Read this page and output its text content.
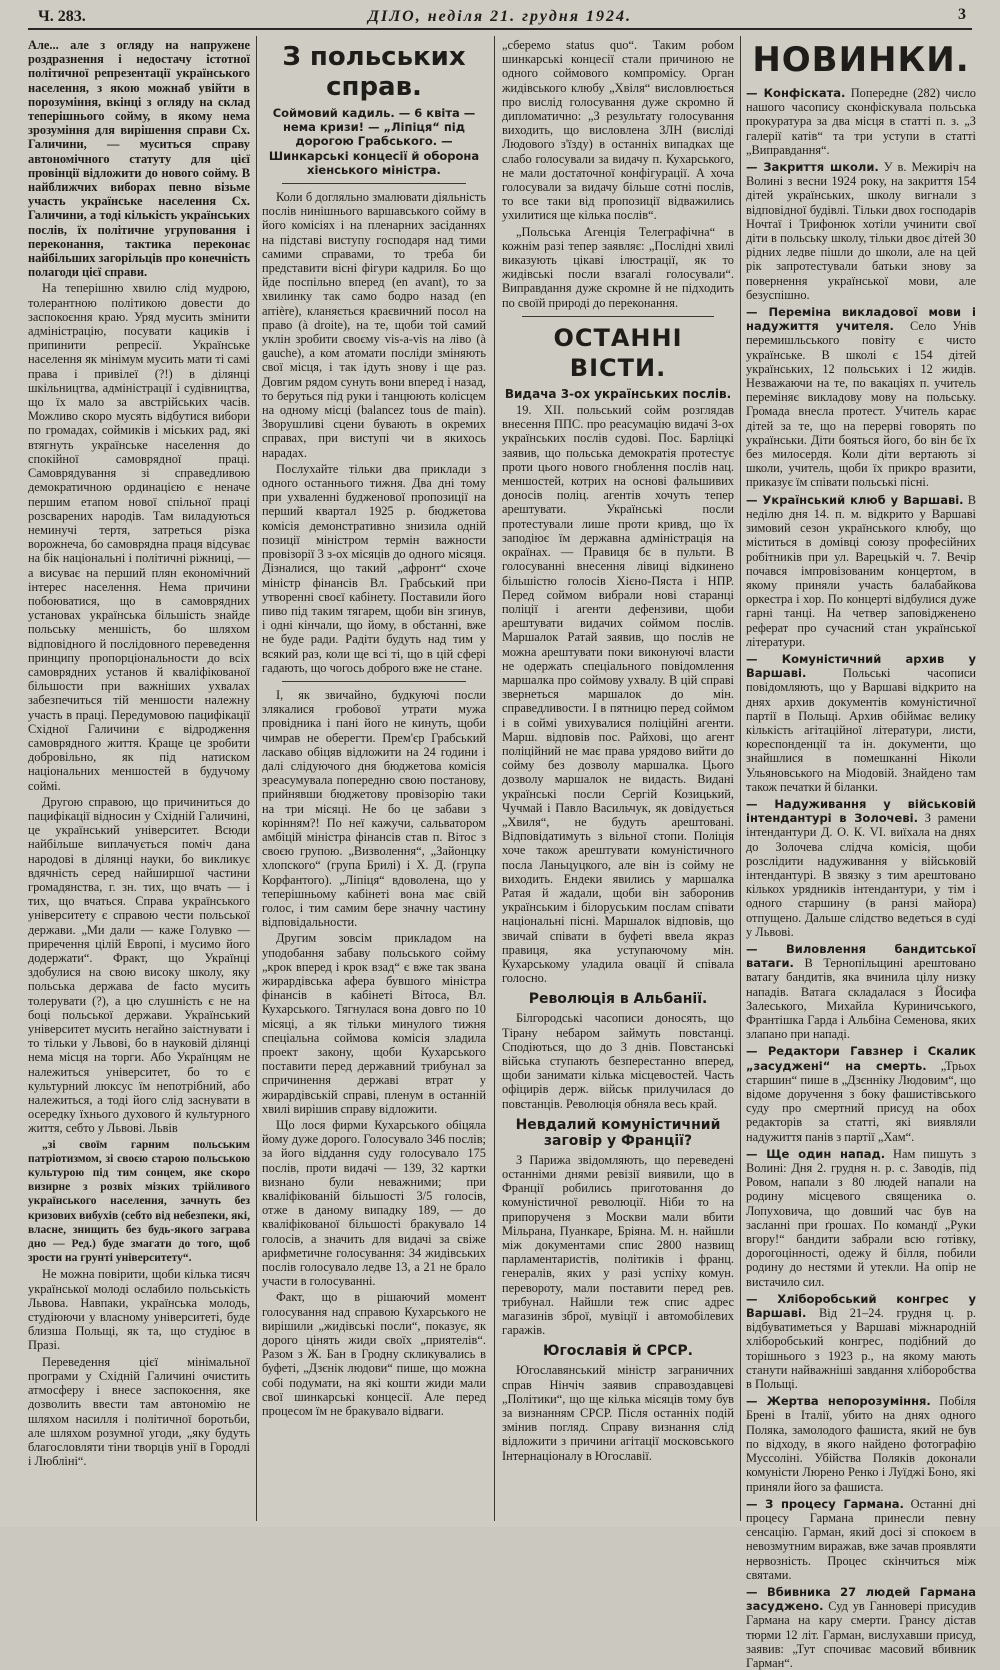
Ч. 283.	ДІЛО, неділя 21. грудня 1924.	3

Але... але з огляду на напружене роздразнення і недостачу істотної політичної репрезентації українського населення, з якою можнаб увійти в порозуміння, вкінці з огляду на склад теперішнього сойму, в якому нема зрозуміння для вирішення справи Сх. Галичини, — муситься справу автономічного статуту для цієї провінції відложити до нового сойму. В найближчих виборах певно візьме участь українське населення Сх. Галичини, а тоді кількість українських послів, їх політичне угруповання і переконання, тактика переконає найбільших загорільців про конечність полагоди цієї справи.

На теперішню хвилю слід мудрою, толерантною політикою довести до заспокоєння краю. Уряд мусить змінити адміністрацію, посувати кациків і припинити репресії. Українське населення як мінімум мусить мати ті самі права і привілеї (?!) в ділянці шкільництва, адміністрації і судівництва, що їх мало за австрійських часів. Можливо скоро мусять відбутися вибори по громадах, соймиків і міських рад, які втягнуть українське населення до спокійної самоврядної праці. Самоврядування зі справедливою демократичною ординацією є неначе першим етапом нової спільної праці розсварених народів. Там виладуються неминучі тертя, затреться різка ворожнеча, бо самоврядна праця відсуває на бік національні і політичні ріжниці, — а висуває на перший плян економічний інтерес населення. Нема причини побоюватися, що в самоврядних установах українська більшість знайде польську меншість, бо шляхом відповідного й послідовного переведення принципу пропорціональности до всіх самоврядних установ й кваліфікованої більшости при важніших ухвалах забезпечиться тій меншости належну участь в праці. Передумовою пацифікації Східної Галичини є відродження самоврядного життя. Краще це зробити добровільно, як під натиском національних меншостей в будучому соймі.

Другою справою, що причиниться до пацифікації відносин у Східній Галичині, це український університет. Всюди найбільше виплачується поміч дана народові в ділянці науки, бо викликує вдячність серед найширшої частини громадянства, г. зн. тих, що вчать — і тих, що вчаться. Справа українського університету є справою чести польської держави. „Ми дали — каже Голувко — приречення цілій Европі, і мусимо його додержати“. Фракт, що Українці здобулися на свою високу школу, яку польська держава de facto мусить толерувати (?), а цю слушність є не на боці польської держави. Український університет мусить негайно заістнувати і то тільки у Львові, бо в науковій ділянці нема місця на торги. Або Українцям не належиться університет, бо то є культурний люксус їм непотрібний, або належиться, а тоді його слід заснувати в осередку їхнього духового й культурного життя, себто у Львові. Львів

„зі своїм гарним польським патріотизмом, зі своєю старою польською культурою під тим сонцем, яке скоро визирне з розвіх мізких трійливого українського населення, зачнуть без кризових вибухів (себто від небезпеки, які, власне, знищить без будь-якого заграва дно — Ред.) буде змагати до того, щоб зрости на грунті університету“.

Не можна повірити, щоби кілька тисяч української молоді ослабило польськість Львова. Навпаки, українська молодь, студіюючи у власному університеті, буде близша Польщі, як та, що студіює в Празі.

Переведення цієї мінімальної програми у Східній Галичині очистить атмосферу і внесе заспокоєння, яке дозволить ввести там автономію не шляхом насилля і політичної боротьби, але шляхом розумної угоди, „яку будуть благословляти тіни творців унії в Городлі і Любліні“.

З польських справ.

Соймовий кадиль. — 6 квіта — нема кризи! — „Ліпіця“ під дорогою Грабського. — Шинкарські концесії й оборона хіенського міністра.

Коли б догляльно змалювати діяльність послів нинішнього варшавського сойму в його комісіях і на пленарних засіданнях на підставі виступу господаря над тими самими справами, то треба би представити вісні фігури кадриля. Бо що йде поспільно вперед (en avant), то за хвилинку так само бодро назад (en arrière), кланяється краєвичний посол на право (à droite), на те, щоби той самий уклін зробити своєму vis-a-vis на ліво (à gauche), а ком атомати посліди зміняють свої місця, і так ідуть знову і ще раз. Довгим рядом сунуть вони вперед і назад, то беруться під руки і танцюють колісцем на одному місці (balancez tous de main). Зворушливі сцени бувають в окремих справах, при виступі чи в якихось нарадах.

Послухайте тільки два приклади з одного останнього тижня. Два дні тому при ухваленні будженової пропозиції на перший квартал 1925 р. бюджетова комісія демонстративно знизила одній позиції міністром термін важности провізорії 3 з-ох місяців до одного місяця. Дізналися, що такий „афронт“ схоче міністр фінансів Вл. Грабський при утворенні своєї кабінету. Поставили його пиво під таким тягарем, щоби він згинув, і одні кінчали, що йому, в обстанні, вже не буде ради. Радіти будуть над тим у всякий раз, коли ще всі ті, що в цій сфері гадають, що чогось доброго вже не стане.

І, як звичайно, будкуючі посли злякалися гробової утрати мужа провідника і пані його не кинуть, щоби чимрав не оберегти. Прем'єр Грабський ласкаво обіцяв відложити на 24 години і далі слідуючого дня бюджетова комісія зреасумувала попередню свою постанову, прийнявши бюджетову провізорію таки на три місяці. Не бо це забави з корінням?! По неї кажучи, сальватором амбіцій міністра фінансів став п. Вітос з своєю групою. „Визволення“, „Зайонцку хлопского“ (група Брилі) і Х. Д. (група Корфантого). „Ліпіця“ вдоволена, що у теперішньому кабінеті вона має свій голос, і тим самим бере значну частину відповідальности.

Другим зовсім прикладом на уподобання забаву польського сойму „крок вперед і крок взад“ є вже так звана жирардівська афера бувшого міністра фінансів в кабінеті Вітоса, Вл. Кухарського. Тягнулася вона довго по 10 місяці, а як тільки минулого тижня спеціальна соймова комісія зладила проект закону, щоби Кухарського поставити перед державний трибунал за спричинення державі втрат у жирардівській справі, пленум в останній хвилі вирішив справу відложити.

Що лося фирми Кухарського обіцяла йому дуже дорого. Голосувало 346 послів; за його віддання суду голосувало 175 послів, проти видачі — 139, 32 картки визнано були неважними; при кваліфікованій більшості 3/5 голосів, отже в даному випадку 189, — до кваліфікованої більшості бракувало 14 голосів, а значить для видачі за свіже арифметичне голосування: 34 жидівських послів голосувало ледве 13, а 21 не брало участи в голосуванні.

Факт, що в рішаючий момент голосування над справою Кухарського не вирішили „жидівські посли“, показує, як дорого цінять жиди своїх „приятелів“. Разом з Ж. Бан в Гродну скликувались в буфеті, „Дзєнік людови“ пише, що можна собі подумати, на які кошти жиди мали свої шинкарські концесії. Але перед процесом їм не бракувало відваги.

„сберемо status quo“. Таким робом шинкарські концесії стали причиною не одного соймового компромісу. Орган жидівського клюбу „Хвіля“ висловлюється про вислід голосування дуже скромно й дипломатично: „З результату голосування виходить, що висловлена ЗЛН (висліді Людового з'їзду) в останніх випадках ще слабо голосували за видачу п. Кухарського, не мали достаточної конфігурації. А хоча голосували за видачу більше сотні послів, то все таки від пропозиції відважились ухилитися ще кілька послів“.

„Польська Агенція Телеграфічна“ в кожнім разі тепер заявляє: „Послідні хвилі виказують цікаві ілюстрації, як то жидівські посли взагалі голосували“. Виправдання дуже скромне й не підходить по своїй природі до переконання.

ОСТАННІ ВІСТИ.

Видача 3-ох українських послів.

19. XII. польський сойм розглядав внесення ППС. про реасумацію видачі 3-ох українських послів судові. Пос. Барліцкі заявив, що польська демократія протестує проти цього нового гноблення послів нац. меншостей, котрих на основі фальшивих доносів поліц. агентів хочуть тепер арештувати. Українські посли протестували лише проти кривд, що їх заподіює їм державна адміністрація на окраїнах. — Правиця бє в пульти. В голосуванні внесення лівиці відкинено більшістю голосів Хієно-Пяста і НПР. Перед соймом вибрали нові старанці поліції і агенти дефензиви, щоби арештувати видачих соймом послів. Маршалок Ратай заявив, що послів не можна арештувати поки виконуючі власти не одержать спеціального повідомлення маршалка про соймову ухвалу. В цій справі звернеться маршалок до мін. справедливости. І в пятницю перед соймом і в соймі увихувалися поліційні агенти. Марш. відповів пос. Райхові, що агент поліційний не має права урядово вийти до сойму без дозволу маршалка. Цього дозволу маршалок не видасть. Видані українські посли Сергій Козицький, Чучмай і Павло Васильчук, як довідується „Хвиля“, не будуть арештовані. Відповідатимуть з вільної стопи. Поліція хоче також арештувати комуністичного посла Ланьцуцкого, але він із сойму не виходить. Ендеки явились у маршалка Ратая й жадали, щоби він заборонив українським і білоруським послам співати національні пісні. Маршалок відповів, що звичай співати в буфеті ввела якраз правиця, яка уступаючому мін. Кухарському уладила овації й співала голосно.

Революція в Альбанії.

Білгородські часописи доносять, що Тірану небаром займуть повстанці. Сподіються, що до 3 днів. Повстанські війська ступають безперестанно вперед, щоби занимати кілька місцевостей. Часть офіцирів держ. військ прилучилася до повстанців. Революція обняла весь край.

Невдалий комуністичний заговір у Франції?

З Парижа звідомляють, що переведені останніми днями ревізії виявили, що в Франції робились приготовання до комуністичної революції. Ніби то на припорученя з Москви мали вбити Мільрана, Пуанкаре, Бріяна. М. н. найшли між документами спис 2800 назвищ парламентаристів, політиків і франц. генералів, яких у разі успіху комун. перевороту, мали поставити перед рев. трибунал. Найшли теж спис адрес магазинів зброї, мувіції і автомобілевих гаражів.

Югославія й СРСР.

Югославянський міністр заграничних справ Нінчіч заявив справоздавцеві „Політики“, що ще кілька місяців тому був за визнанням СРСР. Після останніх подій змінив погляд. Справу визнання слід відложити з причини агітації московського Інтернаціоналу в Югославії.

НОВИНКИ.

— Конфіската. Попередне (282) число нашого часопису сконфіскувала польська прокуратура за два місця в статті п. з. „З галерії катів“ та три уступи в статті „Виправдання“.

— Закриття школи. У в. Межиріч на Волині з весни 1924 року, на закриття 154 дітей українських, школу вигнали з відповідної будівлі. Тільки двох господарів Ночтаї і Трифонюк хотіли учинити свої діти в польську школу, тільки двоє дітей 30 рідних ледве пішли до школи, але на цей рік запротестували батьки знову за повернення української мови, але безуспішно.

— Переміна викладової мови і надужиття учителя. Село Унів перемишльського повіту є чисто українське. В школі є 154 дітей українських, 12 польських і 12 жидів. Незважаючи на те, по вакаціях п. учитель переміняє викладову мову на польську. Громада внесла протест. Учитель карає дітей за те, що на перерві говорять по українськи. Діти бояться його, бо він бє їх без милосердя. Коли діти вертають зі школи, учитель, щоби їх прикро вразити, приказує їм співати польські пісні.

— Український клюб у Варшаві. В неділю дня 14. п. м. відкрито у Варшаві зимовий сезон українського клюбу, що міститься в домівці союзу професійних робітників при ул. Варецькій ч. 7. Вечір почався імпровізованим концертом, в якому приняли участь балабайкова оркестра і хор. По концерті відбулися дуже гарні танці. На четвер заповідженено реферат про сучасний стан української літератури.

— Комуністичний архив у Варшаві.	Польські часописи повідомляють, що у Варшаві відкрито на днях архив документів комуністичної партії в Польщі. Архив обіймає велику кількість агітаційної літератури, листи, кореспонденції та ін. документи, що знайшлися в помешканні Ніколи Ульяновського на Міодовій. Знайдено там також печатки й біланки.

— Надуживання у військовій інтендантурі в Золочеві. З рамени інтендантури Д. О. К. VI. виїхала на днях до Золочева слідча комісія, щоби розслідити надуживання у військовій інтендантурі. В звязку з тим арештовано кількох урядників інтендантури, у тім і одного старшину (в ранзі майора) отпущено. Дальше слідство ведеться в суді у Львові.

— Виловлення бандитської ватаги. В Тернопільщині арештовано ватагу бандитів, яка вчинила цілу низку нападів. Ватага складалася з Йосифа Залеського, Михайла Куриничського, Франтішка Гарда і Альбіна Семенова, яких злапано при нападі.

— Редактори Гавзнер і Скалик „засуджені“ на смерть. „Трьох старшин“ пише в „Дзєнніку Людовим“, що відоме доручення з боку фашистівського суду про смертний присуд на обох редакторів за статті, які виявляли надужиття панів з партії „Хам“.

— Ще один напад. Нам пишуть з Волині: Дня 2. грудня н. р. с. Заводів, під Ровом, напали з 80 людей напали на родину місцевого священика о. Лопуховича, що довший час був на засланні при ґрошах. По командї „Руки вгору!“ бандити забрали всю готівку, дорогоцінності, одежу й білля, побили родину до нестями й утекли. На опір не вистачило сил.

— Хліборобський конгрес у Варшаві. Від 21–24. грудня ц. р. відбуватиметься у Варшаві міжнародній хліборобський конгрес, подібний до торішнього з 1923 р., на якому мають станути найважніші завдання хліборобства в Польщі.

— Жертва непорозуміння. Побіля Брені в Італії, убито на днях одного Поляка, замолодого фашиста, який не був по відходу, в якого найдено фотографію Муссоліні. Убійства Поляків доконали комуністи Люрено Ренко і Луїджі Боно, які приняли його за фашиста.

— З процесу Гармана. Останні дні процесу Гармана принесли певну сенсацію. Гарман, який досі зі спокоєм в невозмутним виражав, вже зачав проявляти нервозність. Процес скінчиться між святами.

— Вбивника 27 людей Гармана засуджено. Суд ув Ганновері присудив Гармана на кару смерти. Грансу дістав тюрми 12 літ. Гарман, вислухавши присуд, заявив: „Тут спочиває масовий вбивник Гарман“.
